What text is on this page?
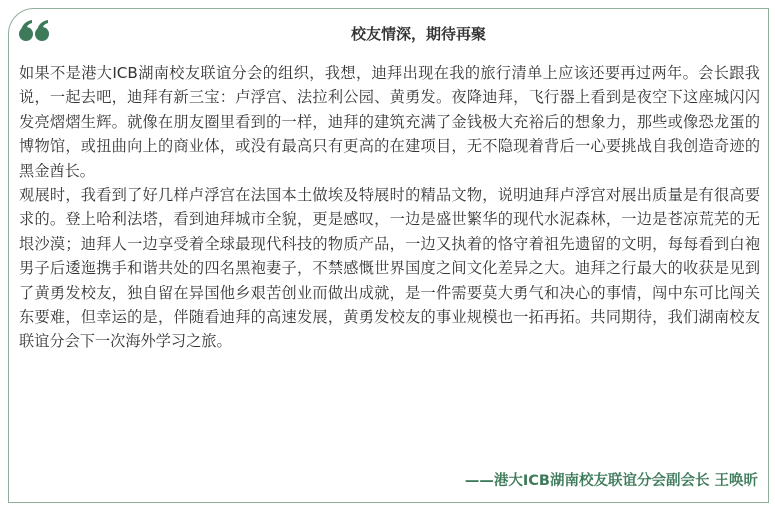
校友情深，期待再聚

如果不是港大ICB湖南校友联谊分会的组织，我想，迪拜出现在我的旅行清单上应该还要再过两年。会长跟我说，一起去吧，迪拜有新三宝：卢浮宫、法拉利公园、黄勇发。夜降迪拜，飞行器上看到是夜空下这座城闪闪发亮熠熠生辉。就像在朋友圈里看到的一样，迪拜的建筑充满了金钱极大充裕后的想象力，那些或像恐龙蛋的博物馆，或扭曲向上的商业体，或没有最高只有更高的在建项目，无不隐现着背后一心要挑战自我创造奇迹的黑金酋长。

观展时，我看到了好几样卢浮宫在法国本土做埃及特展时的精品文物，说明迪拜卢浮宫对展出质量是有很高要求的。登上哈利法塔，看到迪拜城市全貌，更是感叹，一边是盛世繁华的现代水泥森林，一边是苍凉荒芜的无垠沙漠；迪拜人一边享受着全球最现代科技的物质产品，一边又执着的恪守着祖先遗留的文明，每每看到白袍男子后逶迤携手和谐共处的四名黑袍妻子，不禁感慨世界国度之间文化差异之大。迪拜之行最大的收获是见到了黄勇发校友，独自留在异国他乡艰苦创业而做出成就，是一件需要莫大勇气和决心的事情，闯中东可比闯关东要难，但幸运的是，伴随看迪拜的高速发展，黄勇发校友的事业规模也一拓再拓。共同期待，我们湖南校友联谊分会下一次海外学习之旅。

——港大ICB湖南校友联谊分会副会长 王唤昕
